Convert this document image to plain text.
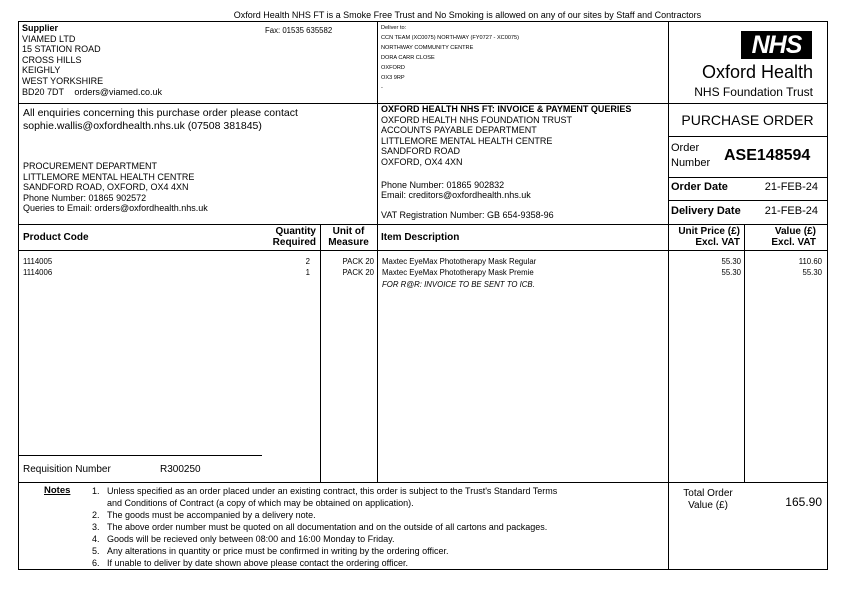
Oxford Health NHS FT is a Smoke Free Trust and No Smoking is allowed on any of our sites by Staff and Contractors
Supplier
VIAMED LTD
15 STATION ROAD
CROSS HILLS
KEIGHLY
WEST YORKSHIRE
BD20 7DT orders@viamed.co.uk
Fax: 01535 635582	Deliver to:
CCN TEAM (XC0075) NORTHWAY (FY0727 - XC0075)
NORTHWAY COMMUNITY CENTRE
DORA CARR CLOSE
OXFORD
OX3 9RP
-
NHS
Oxford Health
NHS Foundation Trust
All enquiries concerning this purchase order please contact
sophie.wallis@oxfordhealth.nhs.uk (07508 381845)
PROCUREMENT DEPARTMENT
LITTLEMORE MENTAL HEALTH CENTRE
SANDFORD ROAD, OXFORD, OX4 4XN
Phone Number: 01865 902572
Queries to Email: orders@oxfordhealth.nhs.uk
OXFORD HEALTH NHS FT: INVOICE & PAYMENT QUERIES
OXFORD HEALTH NHS FOUNDATION TRUST
ACCOUNTS PAYABLE DEPARTMENT
LITTLEMORE MENTAL HEALTH CENTRE
SANDFORD ROAD
OXFORD, OX4 4XN
Phone Number: 01865 902832
Email: creditors@oxfordhealth.nhs.uk
VAT Registration Number: GB 654-9358-96
PURCHASE ORDER
Order
Number ASE148594
Order Date	21-FEB-24
Delivery Date	21-FEB-24
Product Code
Quantity
Required
Unit of
Measure	Item Description
Unit Price (£)
Excl. VAT
Value (£)
Excl. VAT
1114005	2	PACK 20 Maxtec EyeMax Phototherapy Mask Regular	55.30	110.60
1114006	1	PACK 20 Maxtec EyeMax Phototherapy Mask Premie	55.30	55.30
FOR R@R: INVOICE TO BE SENT TO ICB.
Requisition Number	R300250
Notes 1. Unless specified as an order placed under an existing contract, this order is subject to the Trust's Standard Terms
and Conditions of Contract (a copy of which may be obtained on application).
2. The goods must be accompanied by a delivery note.
3. The above order number must be quoted on all documentation and on the outside of all cartons and packages.
4. Goods will be recieved only between 08:00 and 16:00 Monday to Friday.
5. Any alterations in quantity or price must be confirmed in writing by the ordering officer.
6. If unable to deliver by date shown above please contact the ordering officer.
Total Order
Value (£)	165.90
